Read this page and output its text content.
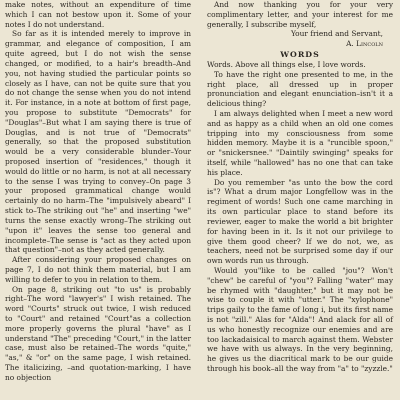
make notes, without an expenditure of time which I can not bestow upon it. Some of your notes I do not understand.

So far as it is intended merely to improve in grammar, and elegance of composition, I am quite agreed, but I do not wish the sense changed, or modified, to a hair's breadth–And you, not having studied the particular points so closely as I have, can not be quite sure that you do not change the sense when you do not intend it. For instance, in a note at bottom of first page, you propose to substitute "Democrats" for "Douglas"–But what I am saying there is true of Douglas, and is not true of "Democrats" generally, so that the proposed substitution would be a very considerable blunder–Your proposed insertion of "residences," though it would do little or no harm, is not at all necessary to the sense I was trying to convey–On page 3 your proposed grammatical change would certainly do no harm–The "impulsively abeard" I stick to–The striking out "he" and inserting "we" turns the sense exactly wrong–The striking out "upon it" leaves the sense too general and incomplete–The sense is "act as they acted upon that question"–not as they acted generally.

After considering your proposed changes on page 7, I do not think them material, but I am willing to defer to you in relation to them.

On page 8, striking out "to us" is probably right–The word "lawyer's" I wish retained. The word "Courts" struck out twice, I wish reduced to "Court" and retained "Court"as a collection more properly governs the plural "have" as I understand "The" preceding "Court," in the latter case, must also be retained–The words "quite," "as," & "or" on the same page, I wish retained. The italicizing, –and quotation-marking, I have no objection

And now thanking you for your very complimentary letter, and your interest for me generally, I subscribe myself,

Your friend and Servant,

A. Lincoln

WORDS

Words. Above all things else, I love words.

To have the right one presented to me, in the right place, all dressed up in proper pronunciation and elegant enunciation–isn't it a delicious thing?

I am always delighted when I meet a new word and as happy as a child when an old one comes tripping into my consciousness from some hidden memory. Maybe it is a "runcible spoon," or "snickersnee." "Daintily swinging" speaks for itself, while "hallowed" has no one that can take his place.

Do you remember "as unto the bow the cord is"? What a drum major Longfellow was in the regiment of words! Such one came marching in its own particular place to stand before its reviewer, eager to make the world a bit brighter for having been in it. Is it not our privilege to give them good cheer? If we do not, we, as teachers, need not be surprised some day if our own words run us through.

Would you"like to be called "jou"? Won't "chew" be careful of "you"? Falling "water" may be rhymed with "daughter," but it may not be wise to couple it with "utter." The "xylophone" trips gaily to the fame of long i, but its first name is not "zill." Alas for "Alda"! And alack for all of us who honestly recognize our enemies and are too lackadaisical to march against them. Webster we have with us always. In the very beginning, he gives us the diacritical mark to be our guide through his book–all the way from "a" to "zyzzle."
